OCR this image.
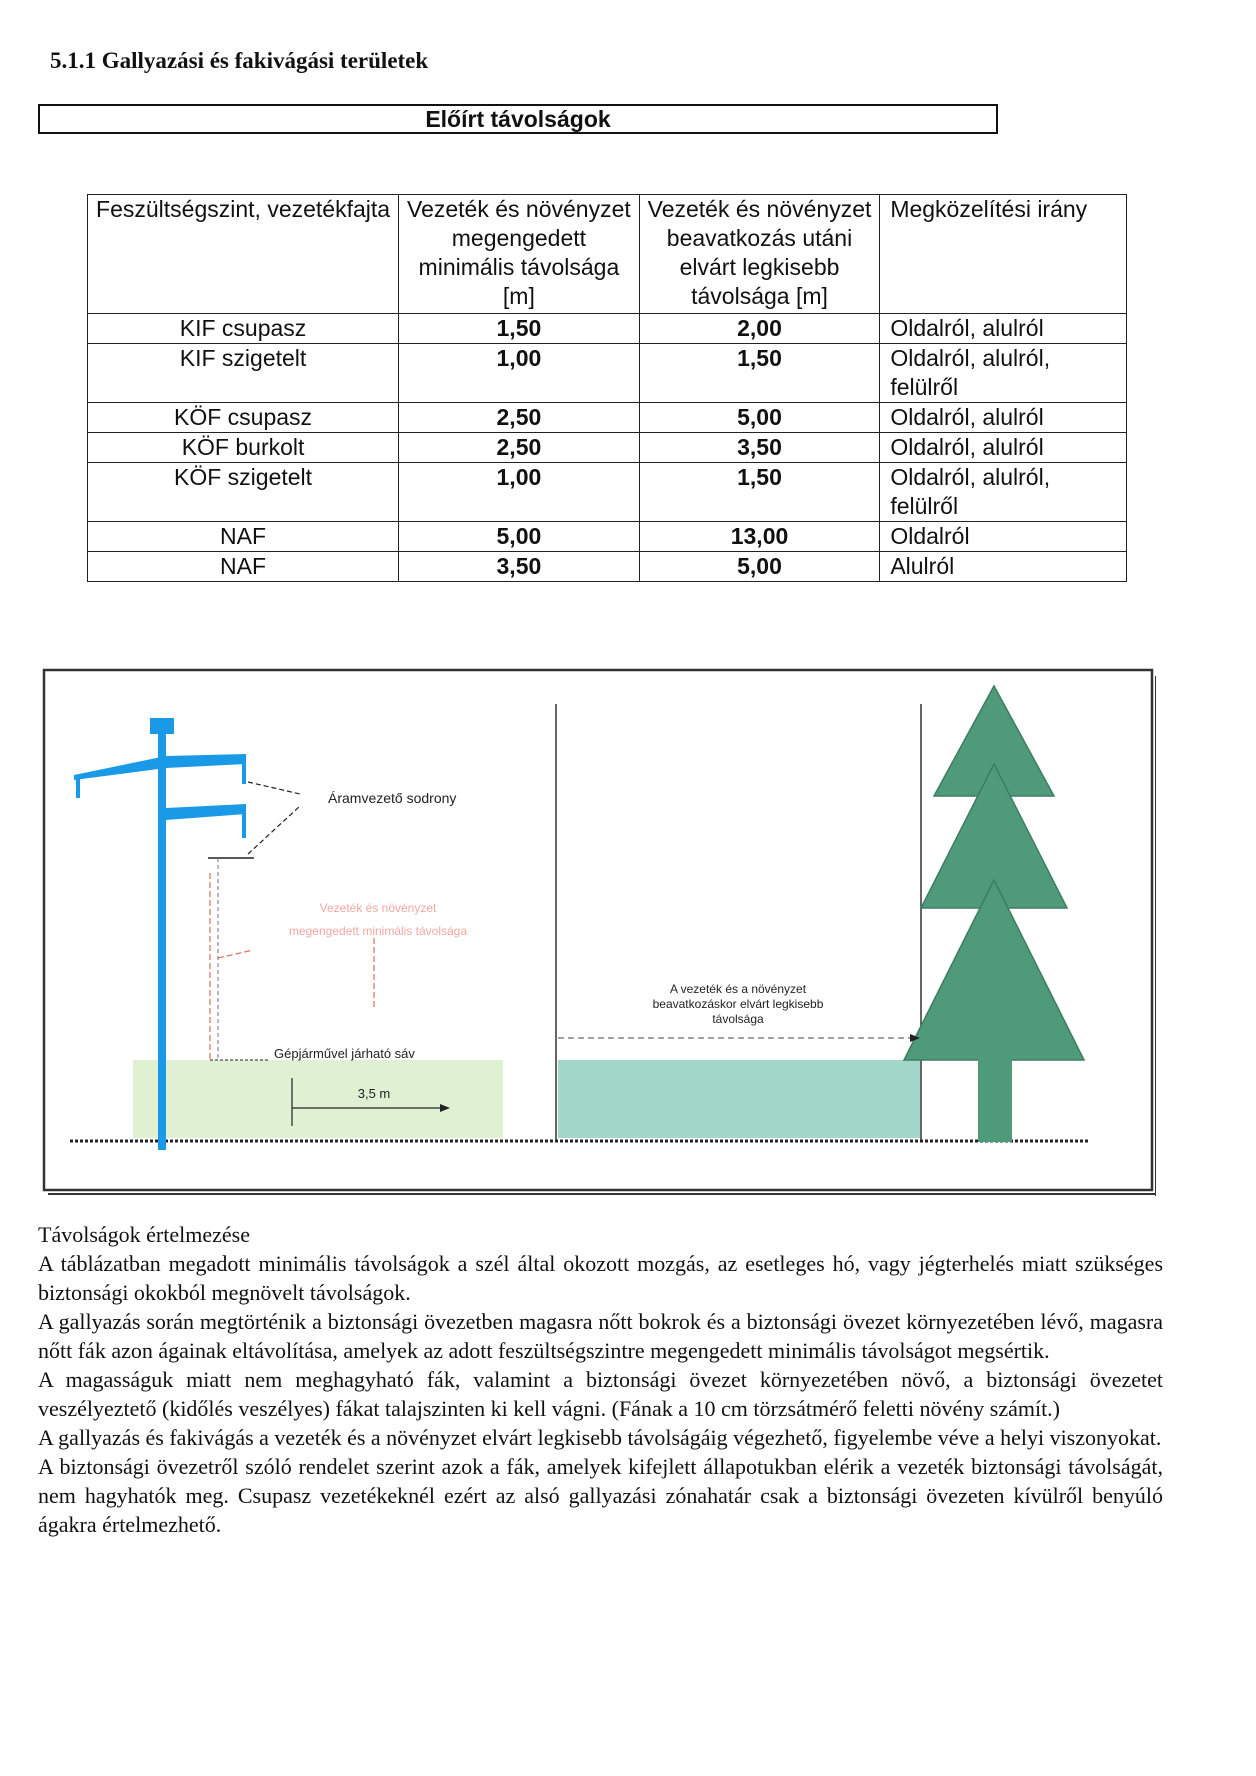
5.1.1 Gallyazási és fakivágási területek
Előírt távolságok
Feszültségszint, vezetékfajta	Vezeték és növényzet megengedett minimális távolsága [m]	Vezeték és növényzet beavatkozás utáni elvárt legkisebb távolsága [m]	Megközelítési irány
KIF csupasz	1,50	2,00	Oldalról, alulról
KIF szigetelt	1,00	1,50	Oldalról, alulról, felülről
KÖF csupasz	2,50	5,00	Oldalról, alulról
KÖF burkolt	2,50	3,50	Oldalról, alulról
KÖF szigetelt	1,00	1,50	Oldalról, alulról, felülről
NAF	5,00	13,00	Oldalról
NAF	3,50	5,00	Alulról
Áramvezető sodrony
Vezeték és növényzet
megengedett minimális távolsága
A vezeték és a növényzet
beavatkozáskor elvárt legkisebb
távolsága
Gépjárművel járható sáv
3,5 m

Távolságok értelmezése

A táblázatban megadott minimális távolságok a szél által okozott mozgás, az esetleges hó, vagy jégterhelés miatt szükséges biztonsági okokból megnövelt távolságok.

A gallyazás során megtörténik a biztonsági övezetben magasra nőtt bokrok és a biztonsági övezet környezetében lévő, magasra nőtt fák azon ágainak eltávolítása, amelyek az adott feszültségszintre megengedett minimális távolságot megsértik.

A magasságuk miatt nem meghagyható fák, valamint a biztonsági övezet környezetében növő, a biztonsági övezetet veszélyeztető (kidőlés veszélyes) fákat talajszinten ki kell vágni. (Fának a 10 cm törzsátmérő feletti növény számít.)

A gallyazás és fakivágás a vezeték és a növényzet elvárt legkisebb távolságáig végezhető, figyelembe véve a helyi viszonyokat.

A biztonsági övezetről szóló rendelet szerint azok a fák, amelyek kifejlett állapotukban elérik a vezeték biztonsági távolságát, nem hagyhatók meg. Csupasz vezetékeknél ezért az alsó gallyazási zónahatár csak a biztonsági övezeten kívülről benyúló ágakra értelmezhető.
